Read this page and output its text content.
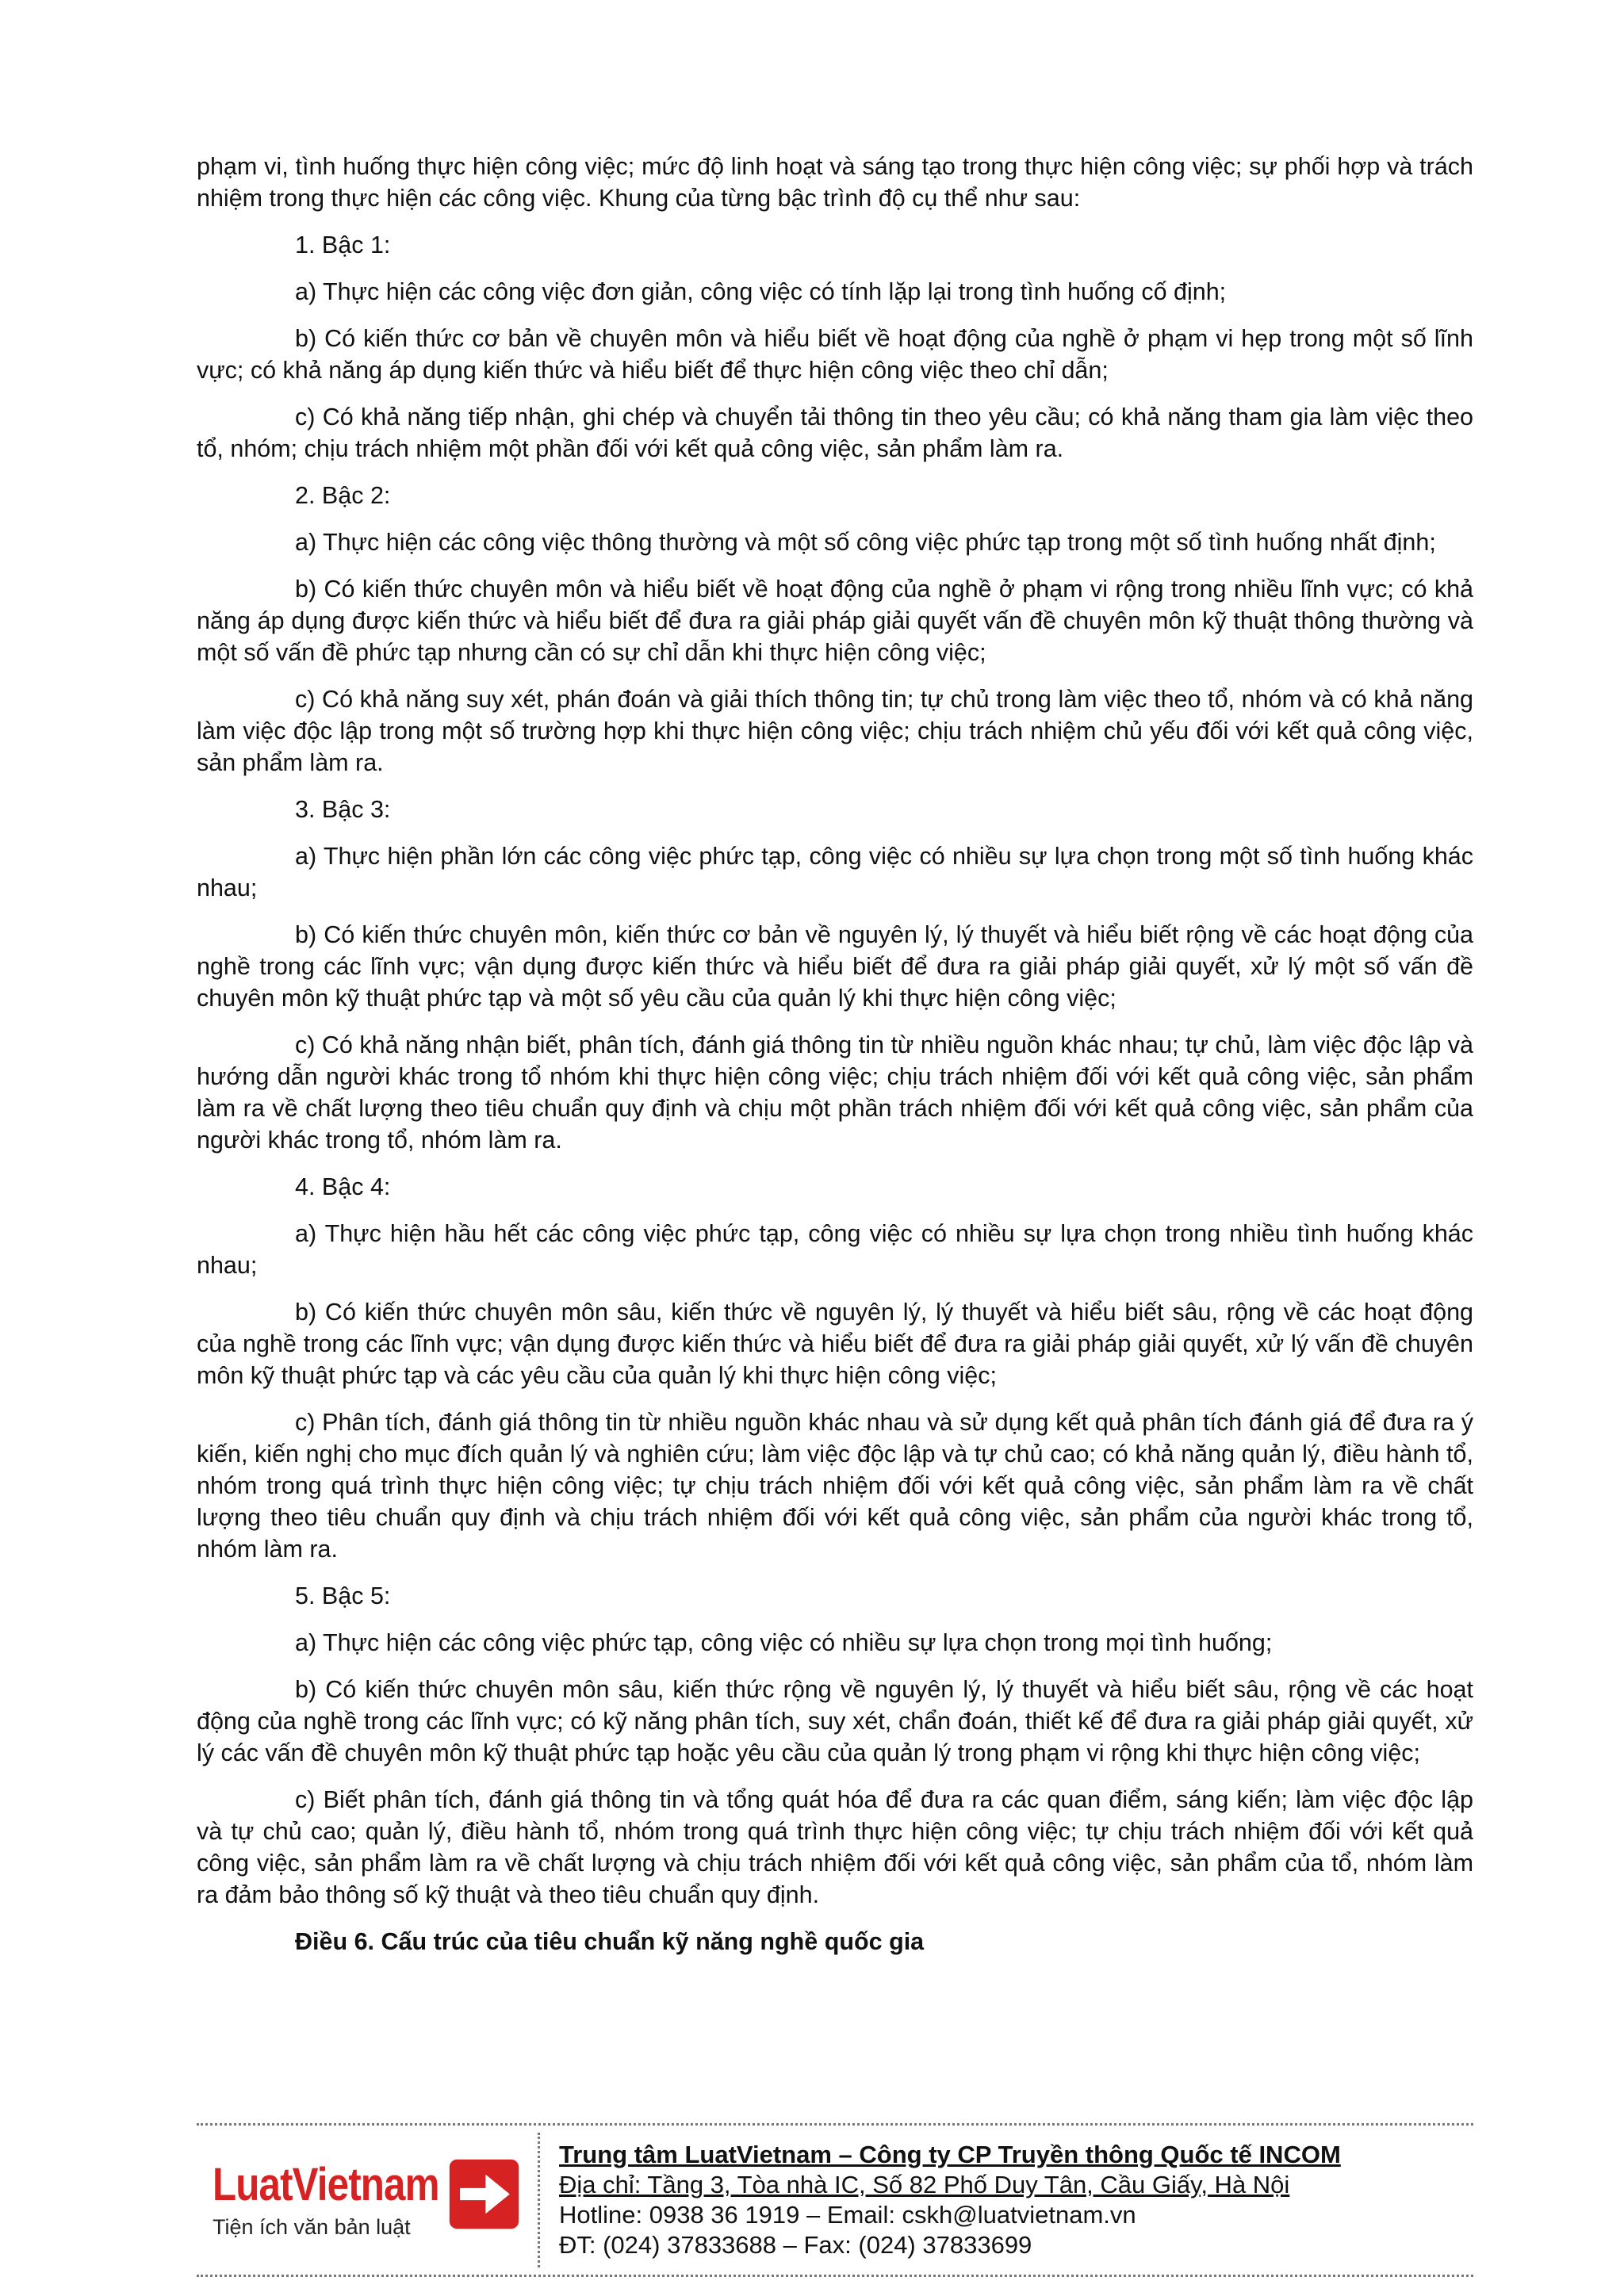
phạm vi, tình huống thực hiện công việc; mức độ linh hoạt và sáng tạo trong thực hiện công việc; sự phối hợp và trách nhiệm trong thực hiện các công việc. Khung của từng bậc trình độ cụ thể như sau:

1. Bậc 1:

a) Thực hiện các công việc đơn giản, công việc có tính lặp lại trong tình huống cố định;

b) Có kiến thức cơ bản về chuyên môn và hiểu biết về hoạt động của nghề ở phạm vi hẹp trong một số lĩnh vực; có khả năng áp dụng kiến thức và hiểu biết để thực hiện công việc theo chỉ dẫn;

c) Có khả năng tiếp nhận, ghi chép và chuyển tải thông tin theo yêu cầu; có khả năng tham gia làm việc theo tổ, nhóm; chịu trách nhiệm một phần đối với kết quả công việc, sản phẩm làm ra.

2. Bậc 2:

a) Thực hiện các công việc thông thường và một số công việc phức tạp trong một số tình huống nhất định;

b) Có kiến thức chuyên môn và hiểu biết về hoạt động của nghề ở phạm vi rộng trong nhiều lĩnh vực; có khả năng áp dụng được kiến thức và hiểu biết để đưa ra giải pháp giải quyết vấn đề chuyên môn kỹ thuật thông thường và một số vấn đề phức tạp nhưng cần có sự chỉ dẫn khi thực hiện công việc;

c) Có khả năng suy xét, phán đoán và giải thích thông tin; tự chủ trong làm việc theo tổ, nhóm và có khả năng làm việc độc lập trong một số trường hợp khi thực hiện công việc; chịu trách nhiệm chủ yếu đối với kết quả công việc, sản phẩm làm ra.

3. Bậc 3:

a) Thực hiện phần lớn các công việc phức tạp, công việc có nhiều sự lựa chọn trong một số tình huống khác nhau;

b) Có kiến thức chuyên môn, kiến thức cơ bản về nguyên lý, lý thuyết và hiểu biết rộng về các hoạt động của nghề trong các lĩnh vực; vận dụng được kiến thức và hiểu biết để đưa ra giải pháp giải quyết, xử lý một số vấn đề chuyên môn kỹ thuật phức tạp và một số yêu cầu của quản lý khi thực hiện công việc;

c) Có khả năng nhận biết, phân tích, đánh giá thông tin từ nhiều nguồn khác nhau; tự chủ, làm việc độc lập và hướng dẫn người khác trong tổ nhóm khi thực hiện công việc; chịu trách nhiệm đối với kết quả công việc, sản phẩm làm ra về chất lượng theo tiêu chuẩn quy định và chịu một phần trách nhiệm đối với kết quả công việc, sản phẩm của người khác trong tổ, nhóm làm ra.

4. Bậc 4:

a) Thực hiện hầu hết các công việc phức tạp, công việc có nhiều sự lựa chọn trong nhiều tình huống khác nhau;

b) Có kiến thức chuyên môn sâu, kiến thức về nguyên lý, lý thuyết và hiểu biết sâu, rộng về các hoạt động của nghề trong các lĩnh vực; vận dụng được kiến thức và hiểu biết để đưa ra giải pháp giải quyết, xử lý vấn đề chuyên môn kỹ thuật phức tạp và các yêu cầu của quản lý khi thực hiện công việc;

c) Phân tích, đánh giá thông tin từ nhiều nguồn khác nhau và sử dụng kết quả phân tích đánh giá để đưa ra ý kiến, kiến nghị cho mục đích quản lý và nghiên cứu; làm việc độc lập và tự chủ cao; có khả năng quản lý, điều hành tổ, nhóm trong quá trình thực hiện công việc; tự chịu trách nhiệm đối với kết quả công việc, sản phẩm làm ra về chất lượng theo tiêu chuẩn quy định và chịu trách nhiệm đối với kết quả công việc, sản phẩm của người khác trong tổ, nhóm làm ra.

5. Bậc 5:

a) Thực hiện các công việc phức tạp, công việc có nhiều sự lựa chọn trong mọi tình huống;

b) Có kiến thức chuyên môn sâu, kiến thức rộng về nguyên lý, lý thuyết và hiểu biết sâu, rộng về các hoạt động của nghề trong các lĩnh vực; có kỹ năng phân tích, suy xét, chẩn đoán, thiết kế để đưa ra giải pháp giải quyết, xử lý các vấn đề chuyên môn kỹ thuật phức tạp hoặc yêu cầu của quản lý trong phạm vi rộng khi thực hiện công việc;

c) Biết phân tích, đánh giá thông tin và tổng quát hóa để đưa ra các quan điểm, sáng kiến; làm việc độc lập và tự chủ cao; quản lý, điều hành tổ, nhóm trong quá trình thực hiện công việc; tự chịu trách nhiệm đối với kết quả công việc, sản phẩm làm ra về chất lượng và chịu trách nhiệm đối với kết quả công việc, sản phẩm của tổ, nhóm làm ra đảm bảo thông số kỹ thuật và theo tiêu chuẩn quy định.

Điều 6. Cấu trúc của tiêu chuẩn kỹ năng nghề quốc gia

LuatVietnam
Tiện ích văn bản luật
Trung tâm LuatVietnam – Công ty CP Truyền thông Quốc tế INCOM
Địa chỉ: Tầng 3, Tòa nhà IC, Số 82 Phố Duy Tân, Cầu Giấy, Hà Nội
Hotline: 0938 36 1919 – Email: cskh@luatvietnam.vn
ĐT: (024) 37833688 – Fax: (024) 37833699
